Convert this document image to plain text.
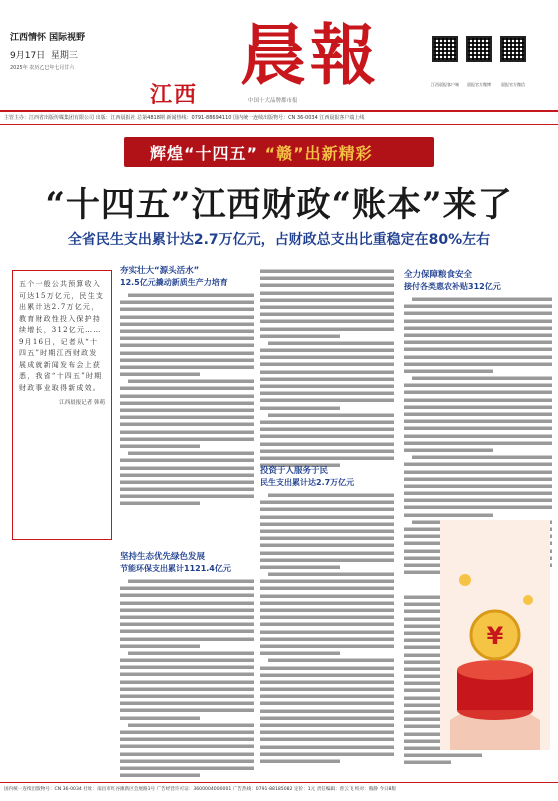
江西情怀 国际视野
9月17日 星期三
2025年 农历乙巳年七月廿六
江西
晨報
中国十大品牌都市报
江西晨报客户端	晨报官方微博	晨报官方微信
主管主办：江西省出版传媒集团有限公司 出版：江西晨报社 总第4818期 新闻热线：0791-88694110 国内统一连续出版物号：CN 36-0034 江西晨报客户端上线
辉煌“十四五” “赣”出新精彩
“十四五”江西财政“账本”来了
全省民生支出累计达2.7万亿元，占财政总支出比重稳定在80%左右
五个一般公共预算收入可达15万亿元，民生支出累计达2.7万亿元，教育财政性投入保护持续增长，312亿元……9月16日，记者从“十四五”时期江西财政发展成就新闻发布会上获悉，我省“十四五”时期财政事业取得新成效。
江西晨报记者 韩萌
夯实壮大“源头活水”
12.5亿元撬动新质生产力培育
坚持生态优先绿色发展
节能环保支出累计1121.4亿元
投资于人服务于民
民生支出累计达2.7万亿元
全力保障粮食安全
接付各类惠农补贴312亿元
¥
国内统一连续出版物号：CN 36-0034 社址：南昌市红谷滩新区会展路1号 广告经营许可证：3600004000001 广告热线：0791-88185082 定价：1元 责任编辑：曾云飞 校对：熊静 今日8版
